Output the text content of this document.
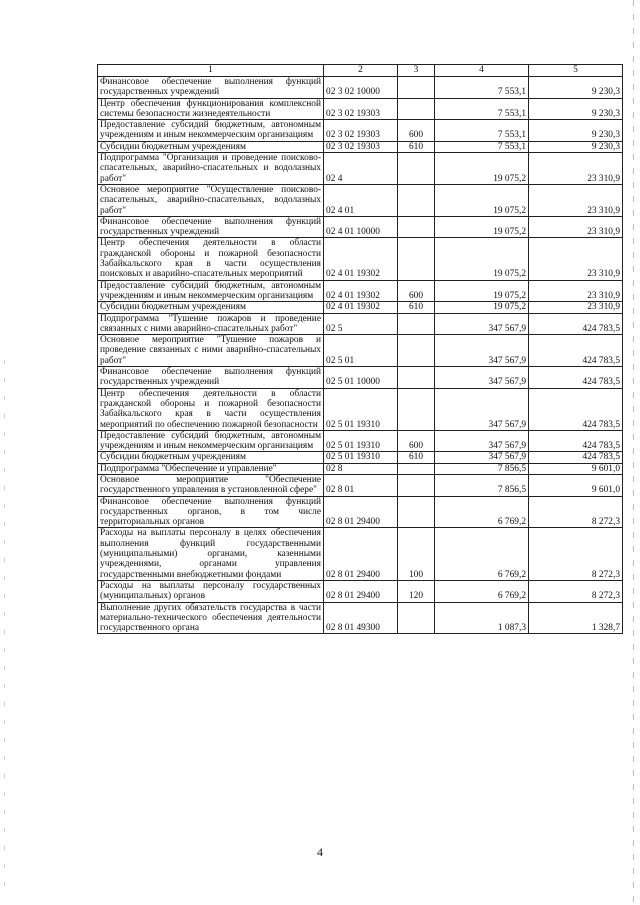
1	2	3	4	5
Финансовое обеспечение выполнения функций государственных учреждений	02 3 02 10000		7 553,1	9 230,3
Центр обеспечения функционирования комплексной системы безопасности жизнедеятельности	02 3 02 19303		7 553,1	9 230,3
Предоставление субсидий бюджетным, автономным учреждениям и иным некоммерческим организациям	02 3 02 19303	600	7 553,1	9 230,3
Субсидии бюджетным учреждениям	02 3 02 19303	610	7 553,1	9 230,3
Подпрограмма "Организация и проведение поисково-спасательных, аварийно-спасательных и водолазных работ"	02 4		19 075,2	23 310,9
Основное мероприятие "Осуществление поисково-спасательных, аварийно-спасательных, водолазных работ"	02 4 01		19 075,2	23 310,9
Финансовое обеспечение выполнения функций государственных учреждений	02 4 01 10000		19 075,2	23 310,9
Центр обеспечения деятельности в области гражданской обороны и пожарной безопасности Забайкальского края в части осуществления поисковых и аварийно-спасательных мероприятий	02 4 01 19302		19 075,2	23 310,9
Предоставление субсидий бюджетным, автономным учреждениям и иным некоммерческим организациям	02 4 01 19302	600	19 075,2	23 310,9
Субсидии бюджетным учреждениям	02 4 01 19302	610	19 075,2	23 310,9
Подпрограмма "Тушение пожаров и проведение связанных с ними аварийно-спасательных работ"	02 5		347 567,9	424 783,5
Основное мероприятие "Тушение пожаров и проведение связанных с ними аварийно-спасательных работ"	02 5 01		347 567,9	424 783,5
Финансовое обеспечение выполнения функций государственных учреждений	02 5 01 10000		347 567,9	424 783,5
Центр обеспечения деятельности в области гражданской обороны и пожарной безопасности Забайкальского края в части осуществления мероприятий по обеспечению пожарной безопасности	02 5 01 19310		347 567,9	424 783,5
Предоставление субсидий бюджетным, автономным учреждениям и иным некоммерческим организациям	02 5 01 19310	600	347 567,9	424 783,5
Субсидии бюджетным учреждениям	02 5 01 19310	610	347 567,9	424 783,5
Подпрограмма "Обеспечение и управление"	02 8		7 856,5	9 601,0
Основное мероприятие "Обеспечение государственного управления в установленной сфере"	02 8 01		7 856,5	9 601,0
Финансовое обеспечение выполнения функций государственных органов, в том числе территориальных органов	02 8 01 29400		6 769,2	8 272,3
Расходы на выплаты персоналу в целях обеспечения выполнения функций государственными (муниципальными) органами, казенными учреждениями, органами управления государственными внебюджетными фондами	02 8 01 29400	100	6 769,2	8 272,3
Расходы на выплаты персоналу государственных (муниципальных) органов	02 8 01 29400	120	6 769,2	8 272,3
Выполнение других обязательств государства в части материально-технического обеспечения деятельности государственного органа	02 8 01 49300		1 087,3	1 328,7
4
